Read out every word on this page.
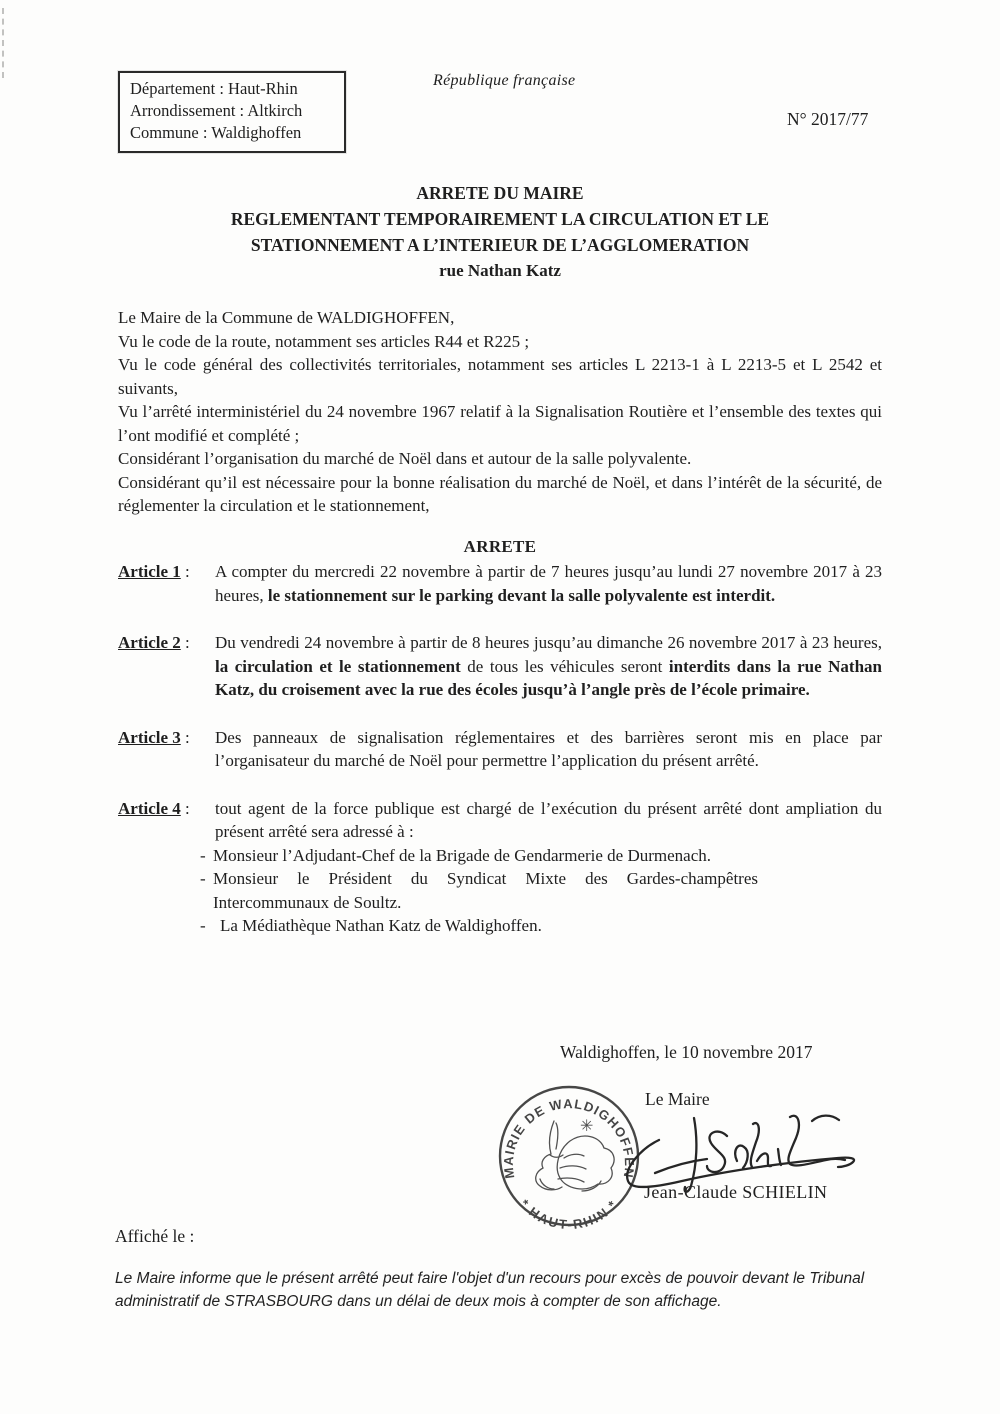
Département : Haut-Rhin
Arrondissement : Altkirch
Commune : Waldighoffen
République française
N° 2017/77
ARRETE DU MAIRE
REGLEMENTANT TEMPORAIREMENT LA CIRCULATION ET LE
STATIONNEMENT A L’INTERIEUR DE L’AGGLOMERATION
rue Nathan Katz
Le Maire de la Commune de WALDIGHOFFEN,
Vu le code de la route, notamment ses articles R44 et R225 ;
Vu le code général des collectivités territoriales, notamment ses articles L 2213-1 à L 2213-5 et L 2542 et suivants,
Vu l’arrêté interministériel du 24 novembre 1967 relatif à la Signalisation Routière et l’ensemble des textes qui l’ont modifié et complété ;
Considérant l’organisation du marché de Noël dans et autour de la salle polyvalente.
Considérant qu’il est nécessaire pour la bonne réalisation du marché de Noël, et dans l’intérêt de la sécurité, de réglementer la circulation et le stationnement,
ARRETE
Article 1 :	A compter du mercredi 22 novembre à partir de 7 heures jusqu’au lundi 27 novembre 2017 à 23 heures, le stationnement sur le parking devant la salle polyvalente est interdit.
Article 2 :	Du vendredi 24 novembre à partir de 8 heures jusqu’au dimanche 26 novembre 2017 à 23 heures, la circulation et le stationnement de tous les véhicules seront interdits dans la rue Nathan Katz, du croisement avec la rue des écoles jusqu’à l’angle près de l’école primaire.
Article 3 :	Des panneaux de signalisation réglementaires et des barrières seront mis en place par l’organisateur du marché de Noël pour permettre l’application du présent arrêté.
Article 4 :	tout agent de la force publique est chargé de l’exécution du présent arrêté dont ampliation du présent arrêté sera adressé à :
- Monsieur l’Adjudant-Chef de la Brigade de Gendarmerie de Durmenach.
- Monsieur le Président du Syndicat Mixte des Gardes-champêtres Intercommunaux de Soultz.
- La Médiathèque Nathan Katz de Waldighoffen.
Waldighoffen, le 10 novembre 2017
Le Maire
Jean-Claude SCHIELIN
Affiché le :
MAIRIE DE WALDIGHOFFEN
* HAUT-RHIN *
✳
Le Maire informe que le présent arrêté peut faire l'objet d'un recours pour excès de pouvoir devant le Tribunal administratif de STRASBOURG dans un délai de deux mois à compter de son affichage.
